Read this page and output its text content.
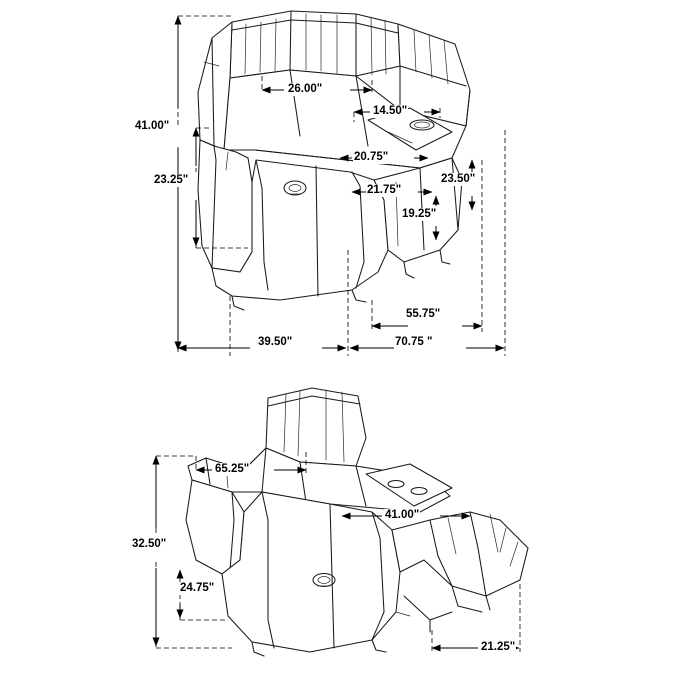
26.00"
14.50"
41.00"
23.25"
20.75"
21.75"
23.50"
19.25"
55.75"
39.50"	70.75 "
65.25"
41.00"
32.50"
24.75"
21.25"
